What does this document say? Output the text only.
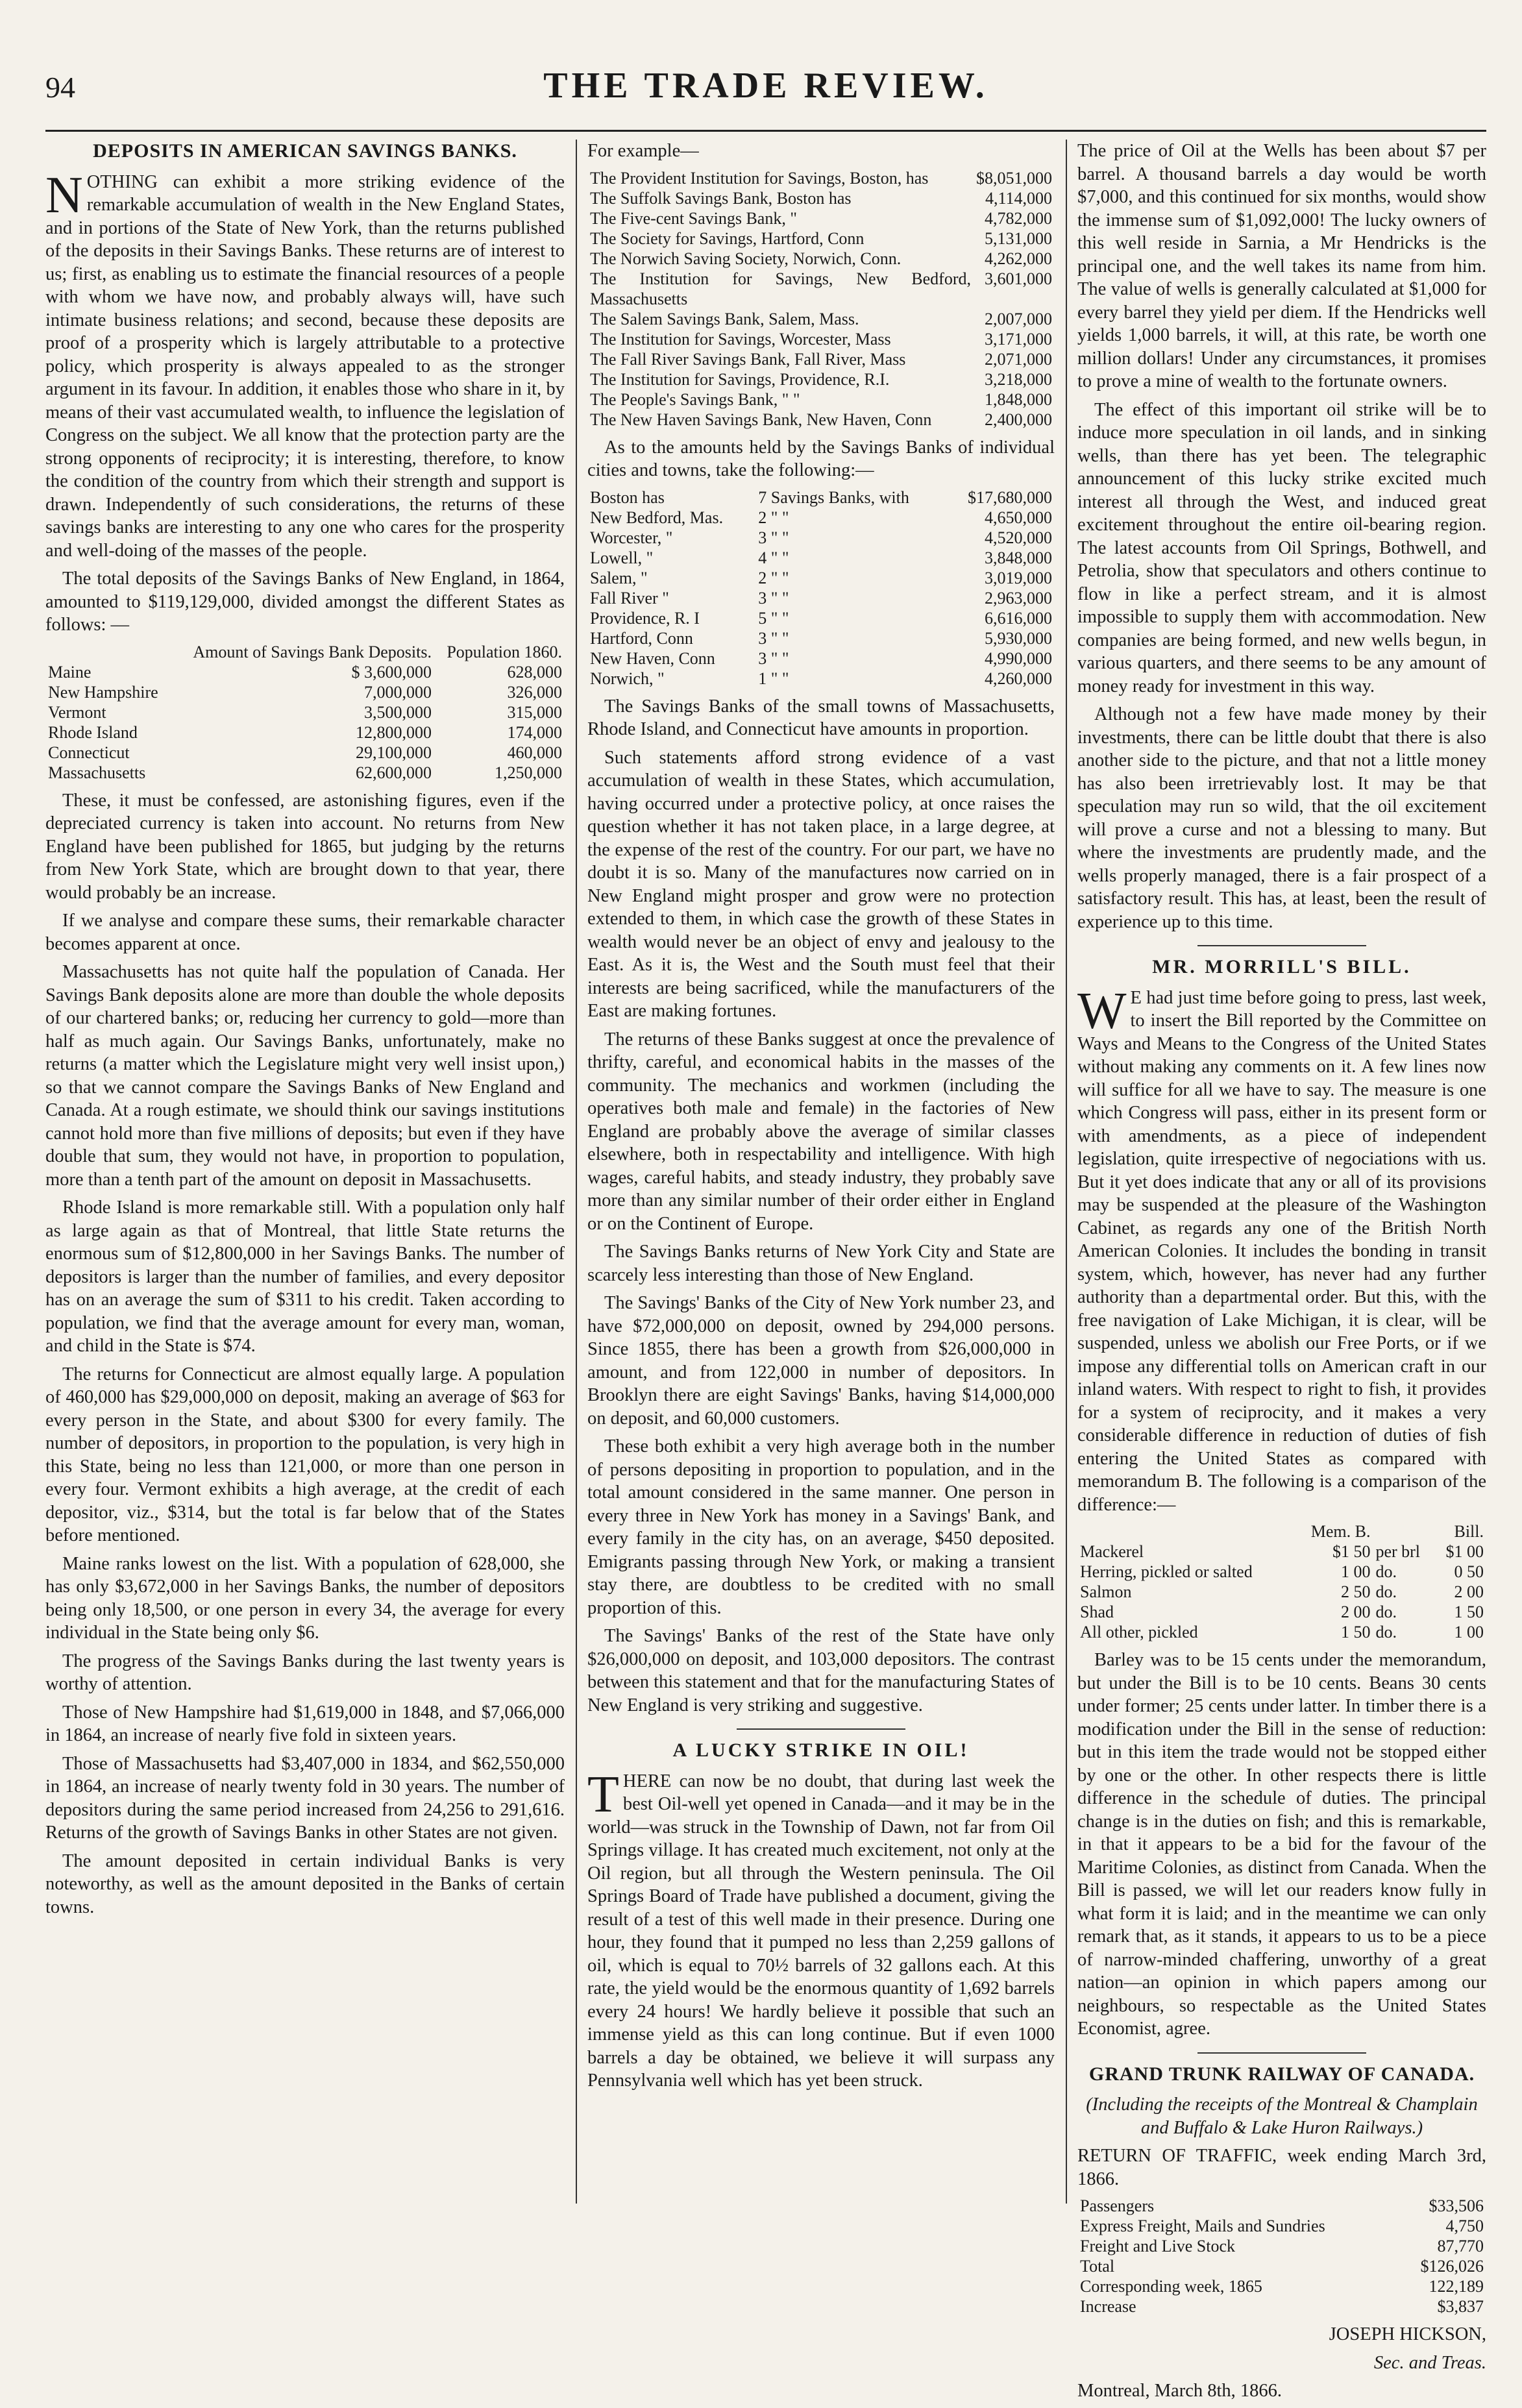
94	THE TRADE REVIEW.
DEPOSITS IN AMERICAN SAVINGS BANKS.

NOTHING can exhibit a more striking evidence of the remarkable accumulation of wealth in the New England States, and in portions of the State of New York, than the returns published of the deposits in their Savings Banks. These returns are of interest to us; first, as enabling us to estimate the financial resources of a people with whom we have now, and probably always will, have such intimate business relations; and second, because these deposits are proof of a prosperity which is largely attributable to a protective policy, which prosperity is always appealed to as the stronger argument in its favour. In addition, it enables those who share in it, by means of their vast accumulated wealth, to influence the legislation of Congress on the subject. We all know that the protection party are the strong opponents of reciprocity; it is interesting, therefore, to know the condition of the country from which their strength and support is drawn. Independently of such considerations, the returns of these savings banks are interesting to any one who cares for the prosperity and well-doing of the masses of the people.

The total deposits of the Savings Banks of New England, in 1864, amounted to $119,129,000, divided amongst the different States as follows: —

	Amount of Savings Bank Deposits.	Population 1860.
Maine	$ 3,600,000	628,000
New Hampshire	7,000,000	326,000
Vermont	3,500,000	315,000
Rhode Island	12,800,000	174,000
Connecticut	29,100,000	460,000
Massachusetts	62,600,000	1,250,000

These, it must be confessed, are astonishing figures, even if the depreciated currency is taken into account. No returns from New England have been published for 1865, but judging by the returns from New York State, which are brought down to that year, there would probably be an increase.

If we analyse and compare these sums, their remarkable character becomes apparent at once.

Massachusetts has not quite half the population of Canada. Her Savings Bank deposits alone are more than double the whole deposits of our chartered banks; or, reducing her currency to gold—more than half as much again. Our Savings Banks, unfortunately, make no returns (a matter which the Legislature might very well insist upon,) so that we cannot compare the Savings Banks of New England and Canada. At a rough estimate, we should think our savings institutions cannot hold more than five millions of deposits; but even if they have double that sum, they would not have, in proportion to population, more than a tenth part of the amount on deposit in Massachusetts.

Rhode Island is more remarkable still. With a population only half as large again as that of Montreal, that little State returns the enormous sum of $12,800,000 in her Savings Banks. The number of depositors is larger than the number of families, and every depositor has on an average the sum of $311 to his credit. Taken according to population, we find that the average amount for every man, woman, and child in the State is $74.

The returns for Connecticut are almost equally large. A population of 460,000 has $29,000,000 on deposit, making an average of $63 for every person in the State, and about $300 for every family. The number of depositors, in proportion to the population, is very high in this State, being no less than 121,000, or more than one person in every four. Vermont exhibits a high average, at the credit of each depositor, viz., $314, but the total is far below that of the States before mentioned.

Maine ranks lowest on the list. With a population of 628,000, she has only $3,672,000 in her Savings Banks, the number of depositors being only 18,500, or one person in every 34, the average for every individual in the State being only $6.

The progress of the Savings Banks during the last twenty years is worthy of attention.

Those of New Hampshire had $1,619,000 in 1848, and $7,066,000 in 1864, an increase of nearly five fold in sixteen years.

Those of Massachusetts had $3,407,000 in 1834, and $62,550,000 in 1864, an increase of nearly twenty fold in 30 years. The number of depositors during the same period increased from 24,256 to 291,616. Returns of the growth of Savings Banks in other States are not given.

The amount deposited in certain individual Banks is very noteworthy, as well as the amount deposited in the Banks of certain towns.

For example—

The Provident Institution for Savings, Boston, has	$8,051,000
The Suffolk Savings Bank, Boston has	4,114,000
The Five-cent Savings Bank, "	4,782,000
The Society for Savings, Hartford, Conn	5,131,000
The Norwich Saving Society, Norwich, Conn.	4,262,000
The Institution for Savings, New Bedford, Massachusetts	3,601,000
The Salem Savings Bank, Salem, Mass.	2,007,000
The Institution for Savings, Worcester, Mass	3,171,000
The Fall River Savings Bank, Fall River, Mass	2,071,000
The Institution for Savings, Providence, R.I.	3,218,000
The People's Savings Bank, " "	1,848,000
The New Haven Savings Bank, New Haven, Conn	2,400,000

As to the amounts held by the Savings Banks of individual cities and towns, take the following:—

Boston has	7 Savings Banks, with	$17,680,000
New Bedford, Mas.	2 " "	4,650,000
Worcester, "	3 " "	4,520,000
Lowell, "	4 " "	3,848,000
Salem, "	2 " "	3,019,000
Fall River "	3 " "	2,963,000
Providence, R. I	5 " "	6,616,000
Hartford, Conn	3 " "	5,930,000
New Haven, Conn	3 " "	4,990,000
Norwich, "	1 " "	4,260,000

The Savings Banks of the small towns of Massachusetts, Rhode Island, and Connecticut have amounts in proportion.

Such statements afford strong evidence of a vast accumulation of wealth in these States, which accumulation, having occurred under a protective policy, at once raises the question whether it has not taken place, in a large degree, at the expense of the rest of the country. For our part, we have no doubt it is so. Many of the manufactures now carried on in New England might prosper and grow were no protection extended to them, in which case the growth of these States in wealth would never be an object of envy and jealousy to the East. As it is, the West and the South must feel that their interests are being sacrificed, while the manufacturers of the East are making fortunes.

The returns of these Banks suggest at once the prevalence of thrifty, careful, and economical habits in the masses of the community. The mechanics and workmen (including the operatives both male and female) in the factories of New England are probably above the average of similar classes elsewhere, both in respectability and intelligence. With high wages, careful habits, and steady industry, they probably save more than any similar number of their order either in England or on the Continent of Europe.

The Savings Banks returns of New York City and State are scarcely less interesting than those of New England.

The Savings' Banks of the City of New York number 23, and have $72,000,000 on deposit, owned by 294,000 persons. Since 1855, there has been a growth from $26,000,000 in amount, and from 122,000 in number of depositors. In Brooklyn there are eight Savings' Banks, having $14,000,000 on deposit, and 60,000 customers.

These both exhibit a very high average both in the number of persons depositing in proportion to population, and in the total amount considered in the same manner. One person in every three in New York has money in a Savings' Bank, and every family in the city has, on an average, $450 deposited. Emigrants passing through New York, or making a transient stay there, are doubtless to be credited with no small proportion of this.

The Savings' Banks of the rest of the State have only $26,000,000 on deposit, and 103,000 depositors. The contrast between this statement and that for the manufacturing States of New England is very striking and suggestive.

A LUCKY STRIKE IN OIL!

THERE can now be no doubt, that during last week the best Oil-well yet opened in Canada—and it may be in the world—was struck in the Township of Dawn, not far from Oil Springs village. It has created much excitement, not only at the Oil region, but all through the Western peninsula. The Oil Springs Board of Trade have published a document, giving the result of a test of this well made in their presence. During one hour, they found that it pumped no less than 2,259 gallons of oil, which is equal to 70½ barrels of 32 gallons each. At this rate, the yield would be the enormous quantity of 1,692 barrels every 24 hours! We hardly believe it possible that such an immense yield as this can long continue. But if even 1000 barrels a day be obtained, we believe it will surpass any Pennsylvania well which has yet been struck.

The price of Oil at the Wells has been about $7 per barrel. A thousand barrels a day would be worth $7,000, and this continued for six months, would show the immense sum of $1,092,000! The lucky owners of this well reside in Sarnia, a Mr Hendricks is the principal one, and the well takes its name from him. The value of wells is generally calculated at $1,000 for every barrel they yield per diem. If the Hendricks well yields 1,000 barrels, it will, at this rate, be worth one million dollars! Under any circumstances, it promises to prove a mine of wealth to the fortunate owners.

The effect of this important oil strike will be to induce more speculation in oil lands, and in sinking wells, than there has yet been. The telegraphic announcement of this lucky strike excited much interest all through the West, and induced great excitement throughout the entire oil-bearing region. The latest accounts from Oil Springs, Bothwell, and Petrolia, show that speculators and others continue to flow in like a perfect stream, and it is almost impossible to supply them with accommodation. New companies are being formed, and new wells begun, in various quarters, and there seems to be any amount of money ready for investment in this way.

Although not a few have made money by their investments, there can be little doubt that there is also another side to the picture, and that not a little money has also been irretrievably lost. It may be that speculation may run so wild, that the oil excitement will prove a curse and not a blessing to many. But where the investments are prudently made, and the wells properly managed, there is a fair prospect of a satisfactory result. This has, at least, been the result of experience up to this time.

MR. MORRILL'S BILL.

W E had just time before going to press, last week, to insert the Bill reported by the Committee on Ways and Means to the Congress of the United States without making any comments on it. A few lines now will suffice for all we have to say. The measure is one which Congress will pass, either in its present form or with amendments, as a piece of independent legislation, quite irrespective of negociations with us. But it yet does indicate that any or all of its provisions may be suspended at the pleasure of the Washington Cabinet, as regards any one of the British North American Colonies. It includes the bonding in transit system, which, however, has never had any further authority than a departmental order. But this, with the free navigation of Lake Michigan, it is clear, will be suspended, unless we abolish our Free Ports, or if we impose any differential tolls on American craft in our inland waters. With respect to right to fish, it provides for a system of reciprocity, and it makes a very considerable difference in reduction of duties of fish entering the United States as compared with memorandum B. The following is a comparison of the difference:—

	Mem. B.		Bill.
Mackerel	$1 50	per brl	$1 00
Herring, pickled or salted	1 00	do.	0 50
Salmon	2 50	do.	2 00
Shad	2 00	do.	1 50
All other, pickled	1 50	do.	1 00

Barley was to be 15 cents under the memorandum, but under the Bill is to be 10 cents. Beans 30 cents under former; 25 cents under latter. In timber there is a modification under the Bill in the sense of reduction: but in this item the trade would not be stopped either by one or the other. In other respects there is little difference in the schedule of duties. The principal change is in the duties on fish; and this is remarkable, in that it appears to be a bid for the favour of the Maritime Colonies, as distinct from Canada. When the Bill is passed, we will let our readers know fully in what form it is laid; and in the meantime we can only remark that, as it stands, it appears to us to be a piece of narrow-minded chaffering, unworthy of a great nation—an opinion in which papers among our neighbours, so respectable as the United States Economist, agree.

GRAND TRUNK RAILWAY OF CANADA.

(Including the receipts of the Montreal & Champlain and Buffalo & Lake Huron Railways.)

RETURN OF TRAFFIC, week ending March 3rd, 1866.

Passengers	$33,506
Express Freight, Mails and Sundries	4,750
Freight and Live Stock	87,770
Total	$126,026
Corresponding week, 1865	122,189
Increase	$3,837

JOSEPH HICKSON,

Sec. and Treas.

Montreal, March 8th, 1866.
